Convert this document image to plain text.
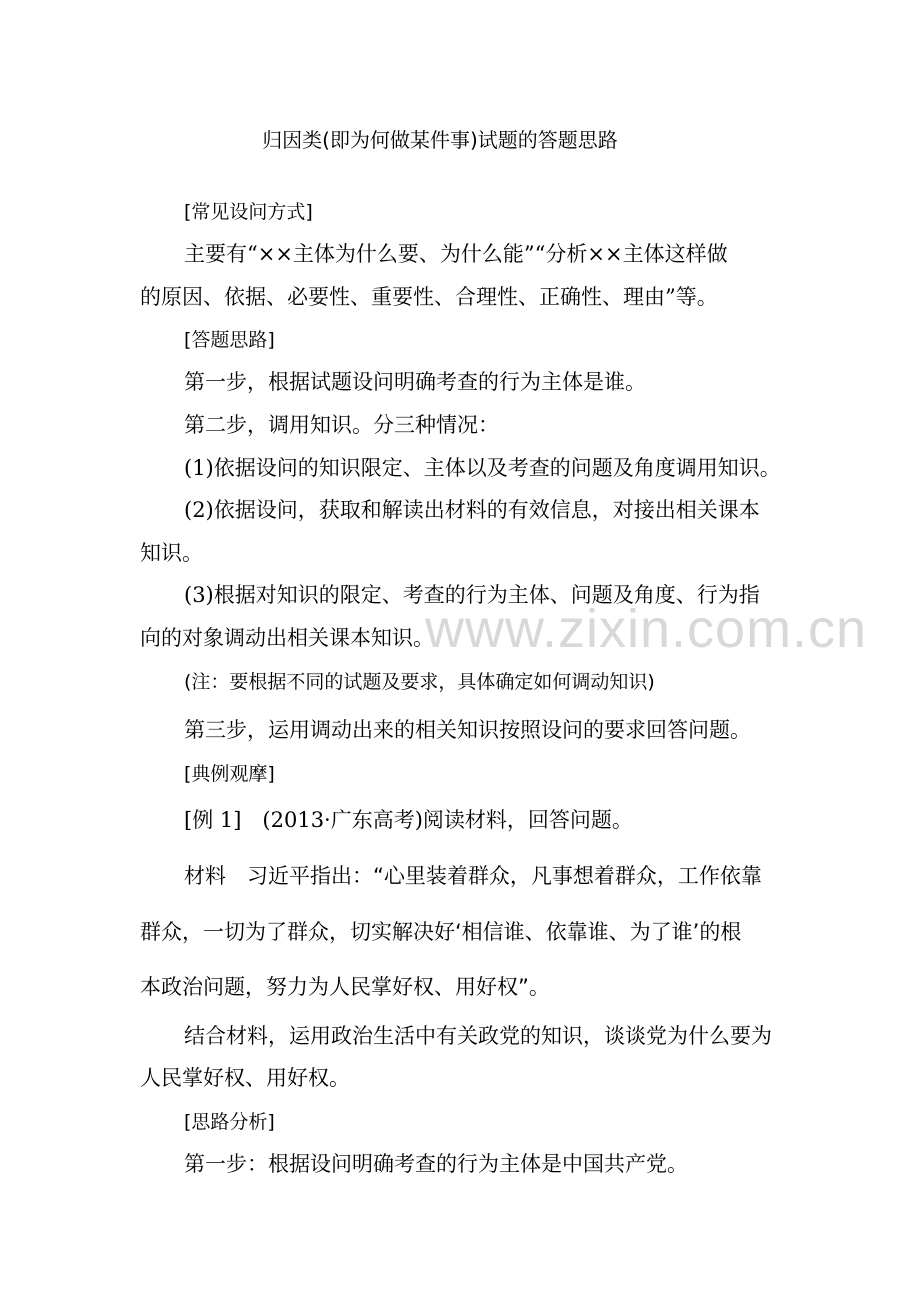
归因类(即为何做某件事)试题的答题思路
www.zixin.com.cn
[常见设问方式]
主要有“××主体为什么要、为什么能”“分析××主体这样做
的原因、依据、必要性、重要性、合理性、正确性、理由”等。
[答题思路]
第一步，根据试题设问明确考查的行为主体是谁。
第二步，调用知识。分三种情况：
(1)依据设问的知识限定、主体以及考查的问题及角度调用知识。
(2)依据设问，获取和解读出材料的有效信息，对接出相关课本
知识。
(3)根据对知识的限定、考查的行为主体、问题及角度、行为指
向的对象调动出相关课本知识。
(注：要根据不同的试题及要求，具体确定如何调动知识)
第三步，运用调动出来的相关知识按照设问的要求回答问题。
[典例观摩]
[例 1]　(2013·广东高考)阅读材料，回答问题。
材料　习近平指出：“心里装着群众，凡事想着群众，工作依靠
群众，一切为了群众，切实解决好‘相信谁、依靠谁、为了谁’的根
本政治问题，努力为人民掌好权、用好权”。
结合材料，运用政治生活中有关政党的知识，谈谈党为什么要为
人民掌好权、用好权。
[思路分析]
第一步：根据设问明确考查的行为主体是中国共产党。
